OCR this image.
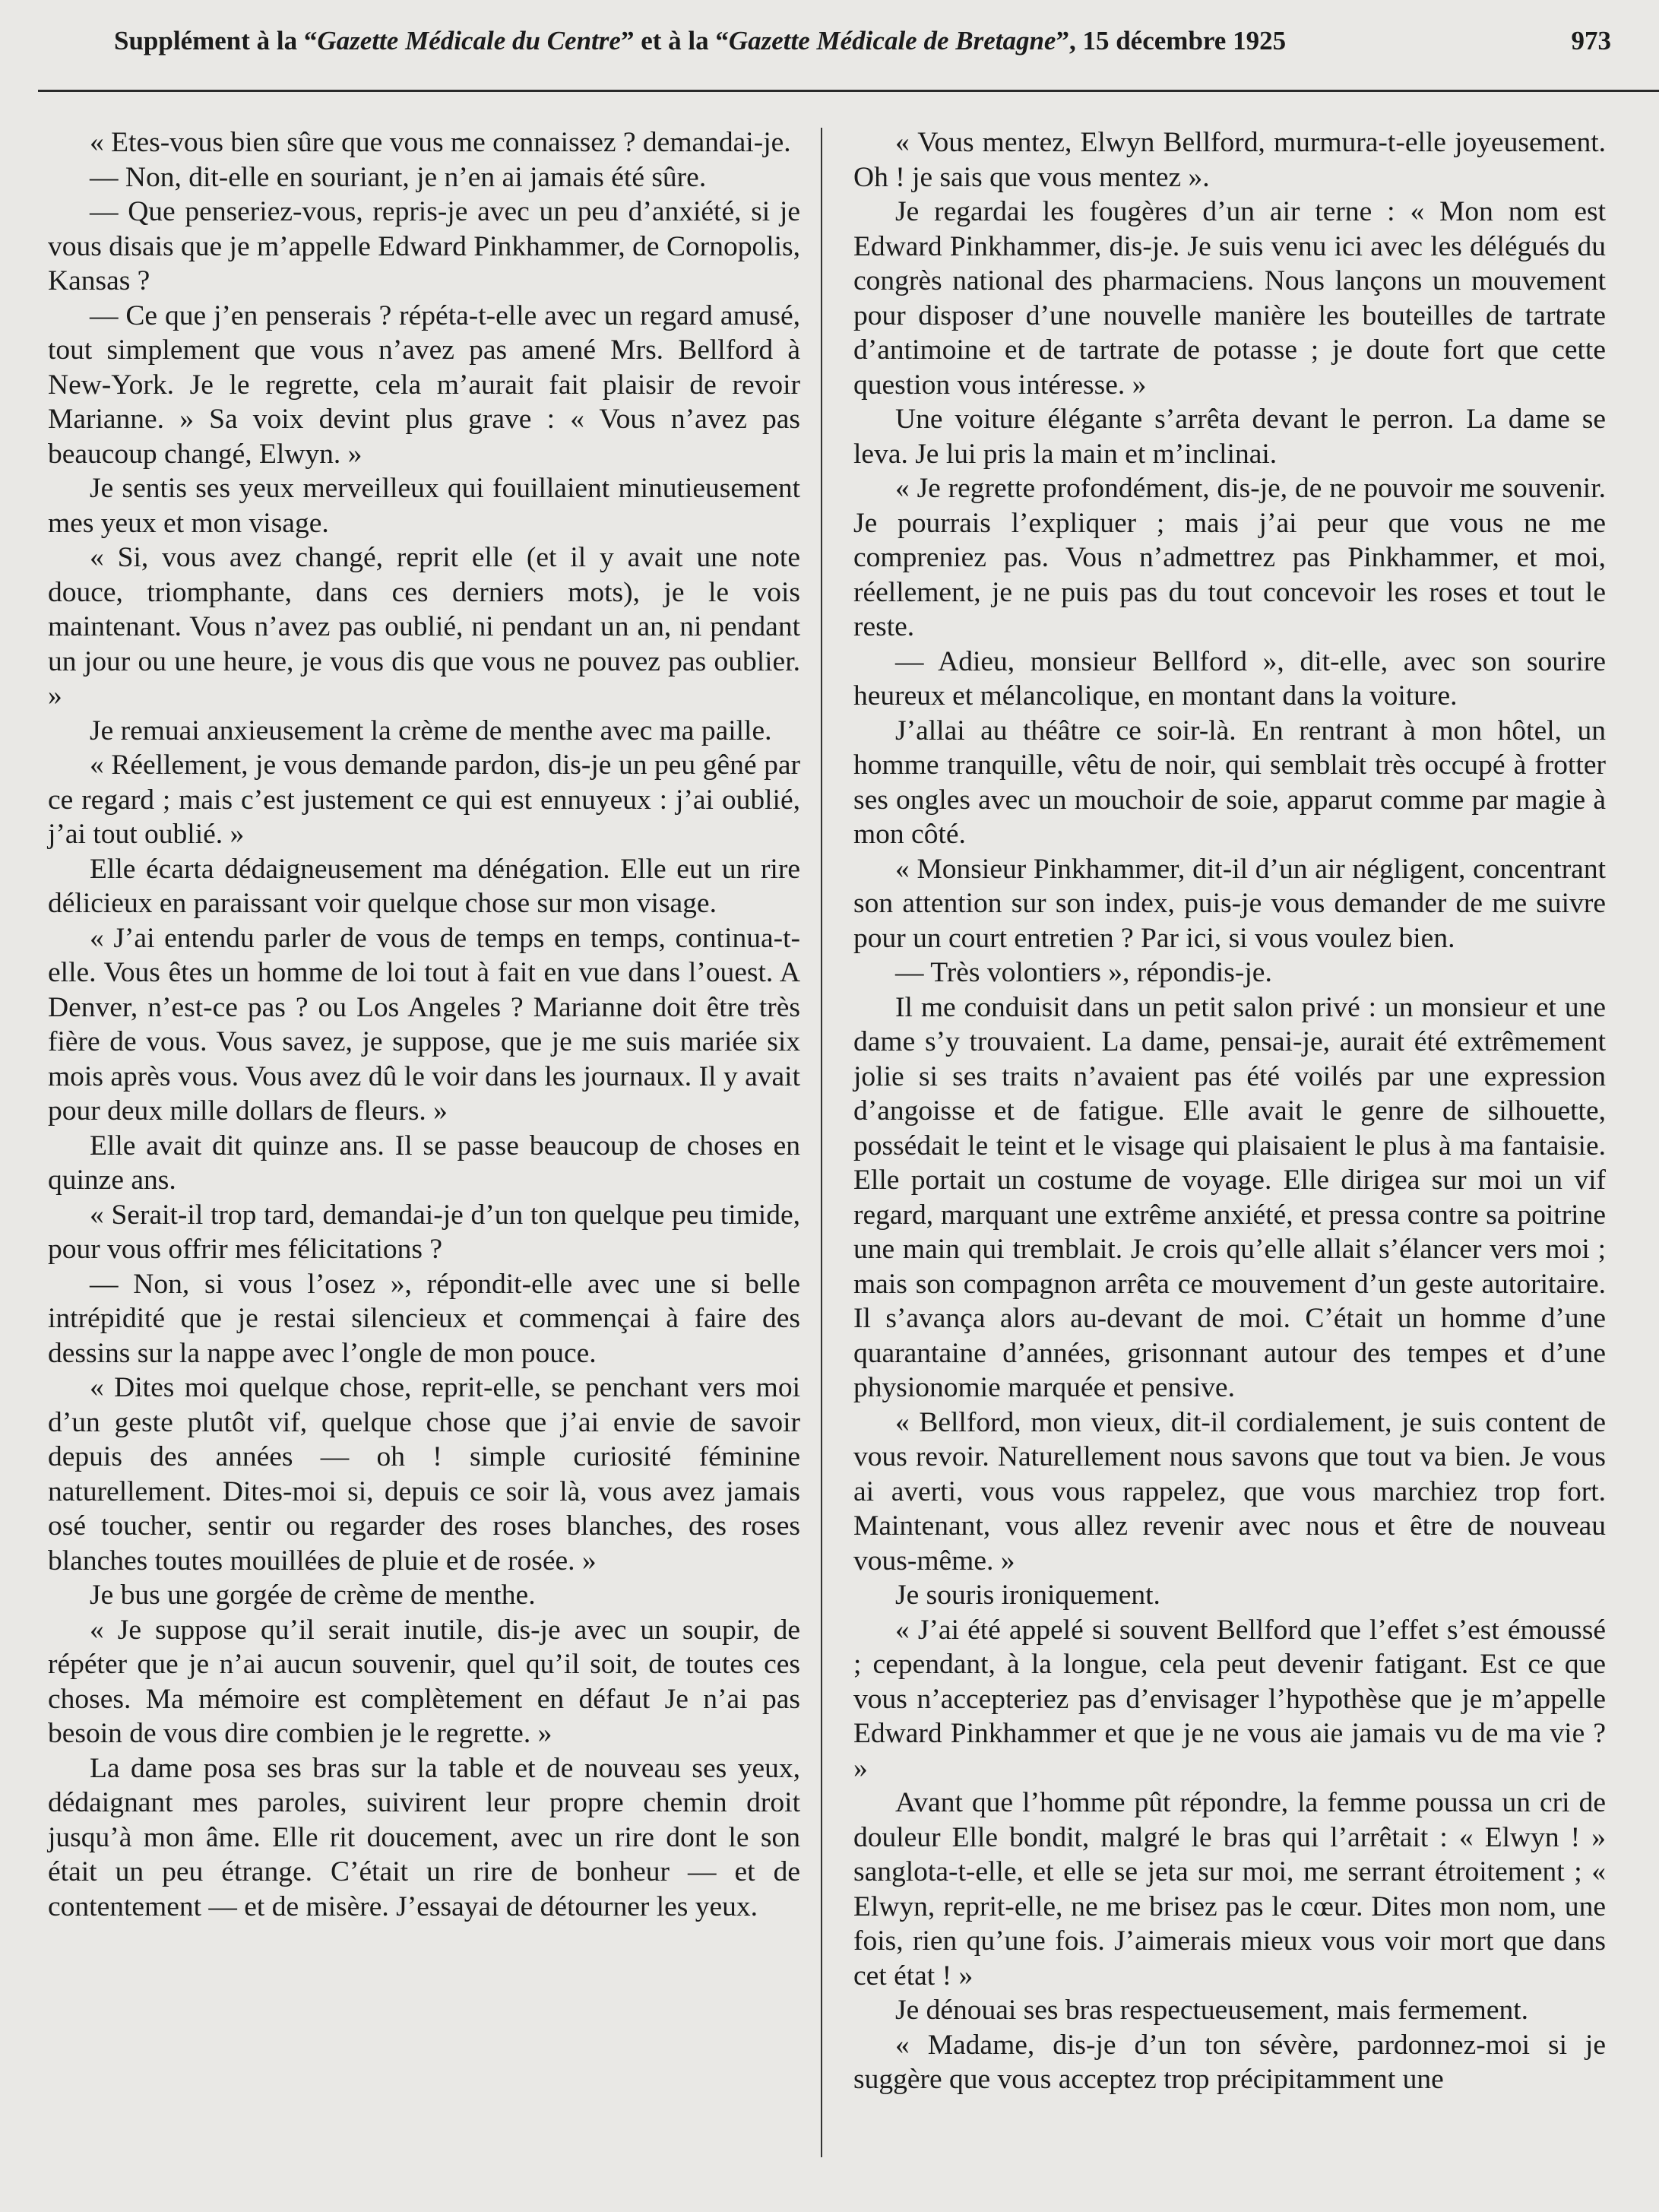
Supplément à la “Gazette Médicale du Centre” et à la “Gazette Médicale de Bretagne”, 15 décembre 1925	973

« Etes-vous bien sûre que vous me connaissez ? demandai-je.

— Non, dit-elle en souriant, je n’en ai jamais été sûre.

— Que penseriez-vous, repris-je avec un peu d’anxiété, si je vous disais que je m’appelle Edward Pinkhammer, de Cornopolis, Kansas ?

— Ce que j’en penserais ? répéta-t-elle avec un regard amusé, tout simplement que vous n’avez pas amené Mrs. Bellford à New-York. Je le regrette, cela m’aurait fait plaisir de revoir Marianne. » Sa voix devint plus grave : « Vous n’avez pas beaucoup changé, Elwyn. »

Je sentis ses yeux merveilleux qui fouillaient minutieusement mes yeux et mon visage.

« Si, vous avez changé, reprit elle (et il y avait une note douce, triomphante, dans ces derniers mots), je le vois maintenant. Vous n’avez pas oublié, ni pendant un an, ni pendant un jour ou une heure, je vous dis que vous ne pouvez pas oublier. »

Je remuai anxieusement la crème de menthe avec ma paille.

« Réellement, je vous demande pardon, dis-je un peu gêné par ce regard ; mais c’est justement ce qui est ennuyeux : j’ai oublié, j’ai tout oublié. »

Elle écarta dédaigneusement ma dénégation. Elle eut un rire délicieux en paraissant voir quelque chose sur mon visage.

« J’ai entendu parler de vous de temps en temps, continua-t-elle. Vous êtes un homme de loi tout à fait en vue dans l’ouest. A Denver, n’est-ce pas ? ou Los Angeles ? Marianne doit être très fière de vous. Vous savez, je suppose, que je me suis mariée six mois après vous. Vous avez dû le voir dans les journaux. Il y avait pour deux mille dollars de fleurs. »

Elle avait dit quinze ans. Il se passe beaucoup de choses en quinze ans.

« Serait-il trop tard, demandai-je d’un ton quelque peu timide, pour vous offrir mes félicitations ?

— Non, si vous l’osez », répondit-elle avec une si belle intrépidité que je restai silencieux et commençai à faire des dessins sur la nappe avec l’ongle de mon pouce.

« Dites moi quelque chose, reprit-elle, se penchant vers moi d’un geste plutôt vif, quelque chose que j’ai envie de savoir depuis des années — oh ! simple curiosité féminine naturellement. Dites-moi si, depuis ce soir là, vous avez jamais osé toucher, sentir ou regarder des roses blanches, des roses blanches toutes mouillées de pluie et de rosée. »

Je bus une gorgée de crème de menthe.

« Je suppose qu’il serait inutile, dis-je avec un soupir, de répéter que je n’ai aucun souvenir, quel qu’il soit, de toutes ces choses. Ma mémoire est complètement en défaut Je n’ai pas besoin de vous dire combien je le regrette. »

La dame posa ses bras sur la table et de nouveau ses yeux, dédaignant mes paroles, suivirent leur propre chemin droit jusqu’à mon âme. Elle rit doucement, avec un rire dont le son était un peu étrange. C’était un rire de bonheur — et de contentement — et de misère. J’essayai de détourner les yeux.

« Vous mentez, Elwyn Bellford, murmura-t-elle joyeusement. Oh ! je sais que vous mentez ».

Je regardai les fougères d’un air terne : « Mon nom est Edward Pinkhammer, dis-je. Je suis venu ici avec les délégués du congrès national des pharmaciens. Nous lançons un mouvement pour disposer d’une nouvelle manière les bouteilles de tartrate d’antimoine et de tartrate de potasse ; je doute fort que cette question vous intéresse. »

Une voiture élégante s’arrêta devant le perron. La dame se leva. Je lui pris la main et m’inclinai.

« Je regrette profondément, dis-je, de ne pouvoir me souvenir. Je pourrais l’expliquer ; mais j’ai peur que vous ne me compreniez pas. Vous n’admettrez pas Pinkhammer, et moi, réellement, je ne puis pas du tout concevoir les roses et tout le reste.

— Adieu, monsieur Bellford », dit-elle, avec son sourire heureux et mélancolique, en montant dans la voiture.

J’allai au théâtre ce soir-là. En rentrant à mon hôtel, un homme tranquille, vêtu de noir, qui semblait très occupé à frotter ses ongles avec un mouchoir de soie, apparut comme par magie à mon côté.

« Monsieur Pinkhammer, dit-il d’un air négligent, concentrant son attention sur son index, puis-je vous demander de me suivre pour un court entretien ? Par ici, si vous voulez bien.

— Très volontiers », répondis-je.

Il me conduisit dans un petit salon privé : un monsieur et une dame s’y trouvaient. La dame, pensai-je, aurait été extrêmement jolie si ses traits n’avaient pas été voilés par une expression d’angoisse et de fatigue. Elle avait le genre de silhouette, possédait le teint et le visage qui plaisaient le plus à ma fantaisie. Elle portait un costume de voyage. Elle dirigea sur moi un vif regard, marquant une extrême anxiété, et pressa contre sa poitrine une main qui tremblait. Je crois qu’elle allait s’élancer vers moi ; mais son compagnon arrêta ce mouvement d’un geste autoritaire. Il s’avança alors au-devant de moi. C’était un homme d’une quarantaine d’années, grisonnant autour des tempes et d’une physionomie marquée et pensive.

« Bellford, mon vieux, dit-il cordialement, je suis content de vous revoir. Naturellement nous savons que tout va bien. Je vous ai averti, vous vous rappelez, que vous marchiez trop fort. Maintenant, vous allez revenir avec nous et être de nouveau vous-même. »

Je souris ironiquement.

« J’ai été appelé si souvent Bellford que l’effet s’est émoussé ; cependant, à la longue, cela peut devenir fatigant. Est ce que vous n’accepteriez pas d’envisager l’hypothèse que je m’appelle Edward Pinkhammer et que je ne vous aie jamais vu de ma vie ? »

Avant que l’homme pût répondre, la femme poussa un cri de douleur Elle bondit, malgré le bras qui l’arrêtait : « Elwyn ! » sanglota-t-elle, et elle se jeta sur moi, me serrant étroitement ; « Elwyn, reprit-elle, ne me brisez pas le cœur. Dites mon nom, une fois, rien qu’une fois. J’aimerais mieux vous voir mort que dans cet état ! »

Je dénouai ses bras respectueusement, mais fermement.

« Madame, dis-je d’un ton sévère, pardonnez-moi si je suggère que vous acceptez trop précipitamment une
